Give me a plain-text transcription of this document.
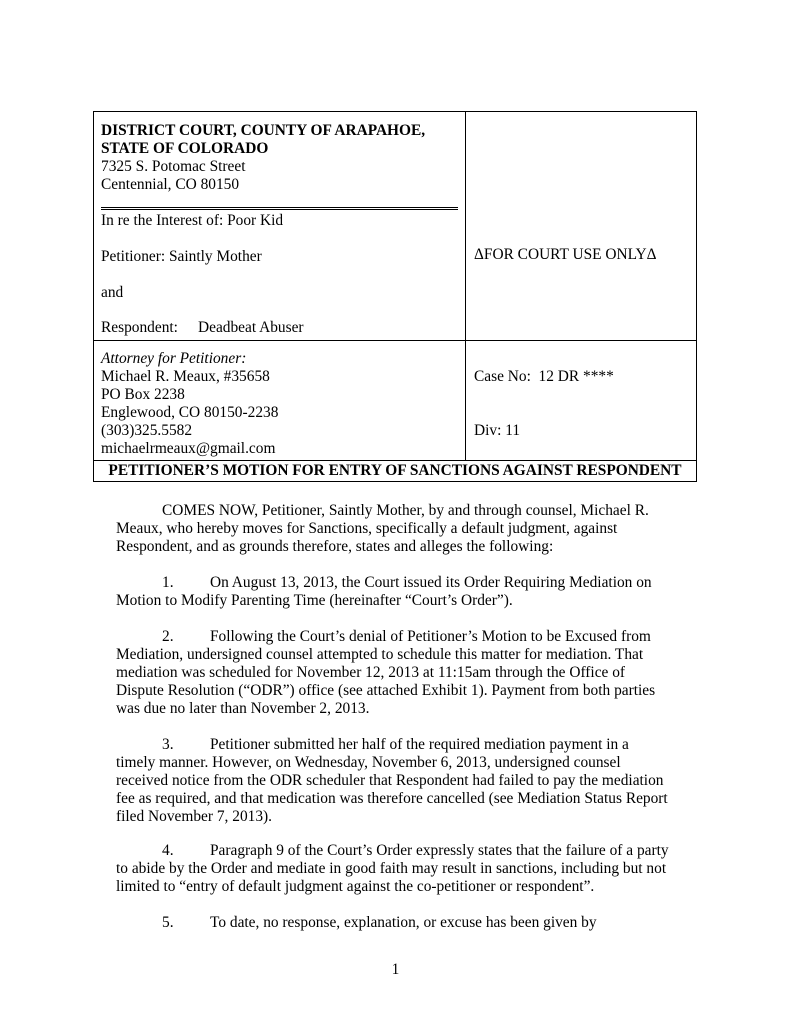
DISTRICT COURT, COUNTY OF ARAPAHOE,
STATE OF COLORADO
7325 S. Potomac Street
Centennial, CO 80150
In re the Interest of: Poor Kid
Petitioner: Saintly Mother
and
Respondent: Deadbeat Abuser
ΔFOR COURT USE ONLYΔ
Attorney for Petitioner:
Michael R. Meaux, #35658
PO Box 2238
Englewood, CO 80150-2238
(303)325.5582
michaelrmeaux@gmail.com
Case No:  12 DR ****
Div: 11
PETITIONER’S MOTION FOR ENTRY OF SANCTIONS AGAINST RESPONDENT
COMES NOW, Petitioner, Saintly Mother, by and through counsel, Michael R.
Meaux, who hereby moves for Sanctions, specifically a default judgment, against
Respondent, and as grounds therefore, states and alleges the following:
1. On August 13, 2013, the Court issued its Order Requiring Mediation on
Motion to Modify Parenting Time (hereinafter “Court’s Order”).
2. Following the Court’s denial of Petitioner’s Motion to be Excused from
Mediation, undersigned counsel attempted to schedule this matter for mediation. That
mediation was scheduled for November 12, 2013 at 11:15am through the Office of
Dispute Resolution (“ODR”) office (see attached Exhibit 1). Payment from both parties
was due no later than November 2, 2013.
3. Petitioner submitted her half of the required mediation payment in a
timely manner. However, on Wednesday, November 6, 2013, undersigned counsel
received notice from the ODR scheduler that Respondent had failed to pay the mediation
fee as required, and that medication was therefore cancelled (see Mediation Status Report
filed November 7, 2013).
4. Paragraph 9 of the Court’s Order expressly states that the failure of a party
to abide by the Order and mediate in good faith may result in sanctions, including but not
limited to “entry of default judgment against the co-petitioner or respondent”.
5. To date, no response, explanation, or excuse has been given by
1
